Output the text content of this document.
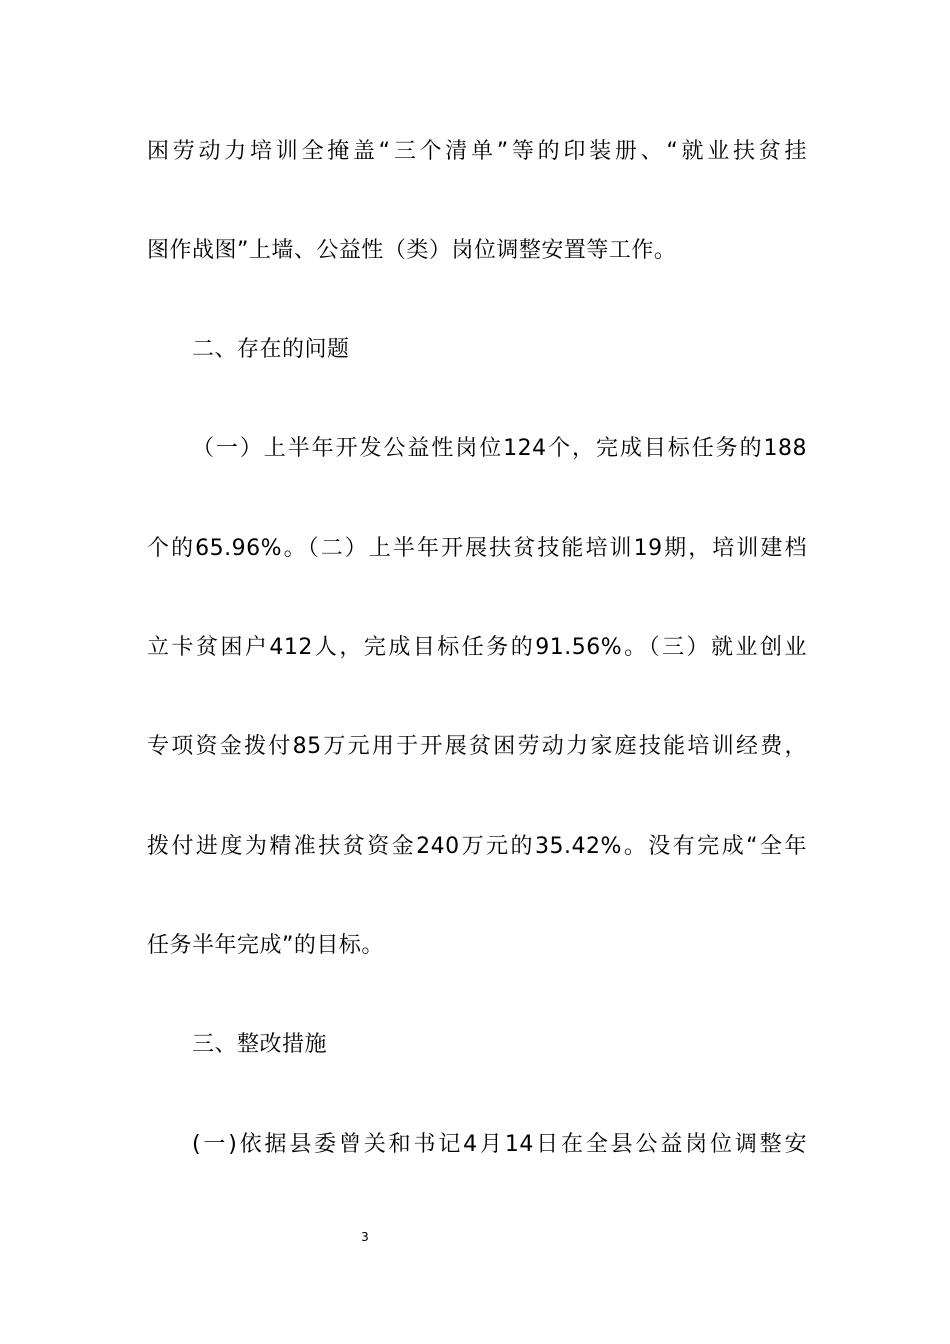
困劳动力培训全掩盖“三个清单”等的印装册、“就业扶贫挂
图作战图”上墙、公益性（类）岗位调整安置等工作。
二、存在的问题
（一）上半年开发公益性岗位124个，完成目标任务的188
个的65.96%。（二）上半年开展扶贫技能培训19期，培训建档
立卡贫困户412人，完成目标任务的91.56%。（三）就业创业
专项资金拨付85万元用于开展贫困劳动力家庭技能培训经费，
拨付进度为精准扶贫资金240万元的35.42%。没有完成“全年
任务半年完成”的目标。
三、整改措施
(一)依据县委曾关和书记4月14日在全县公益岗位调整安
3
